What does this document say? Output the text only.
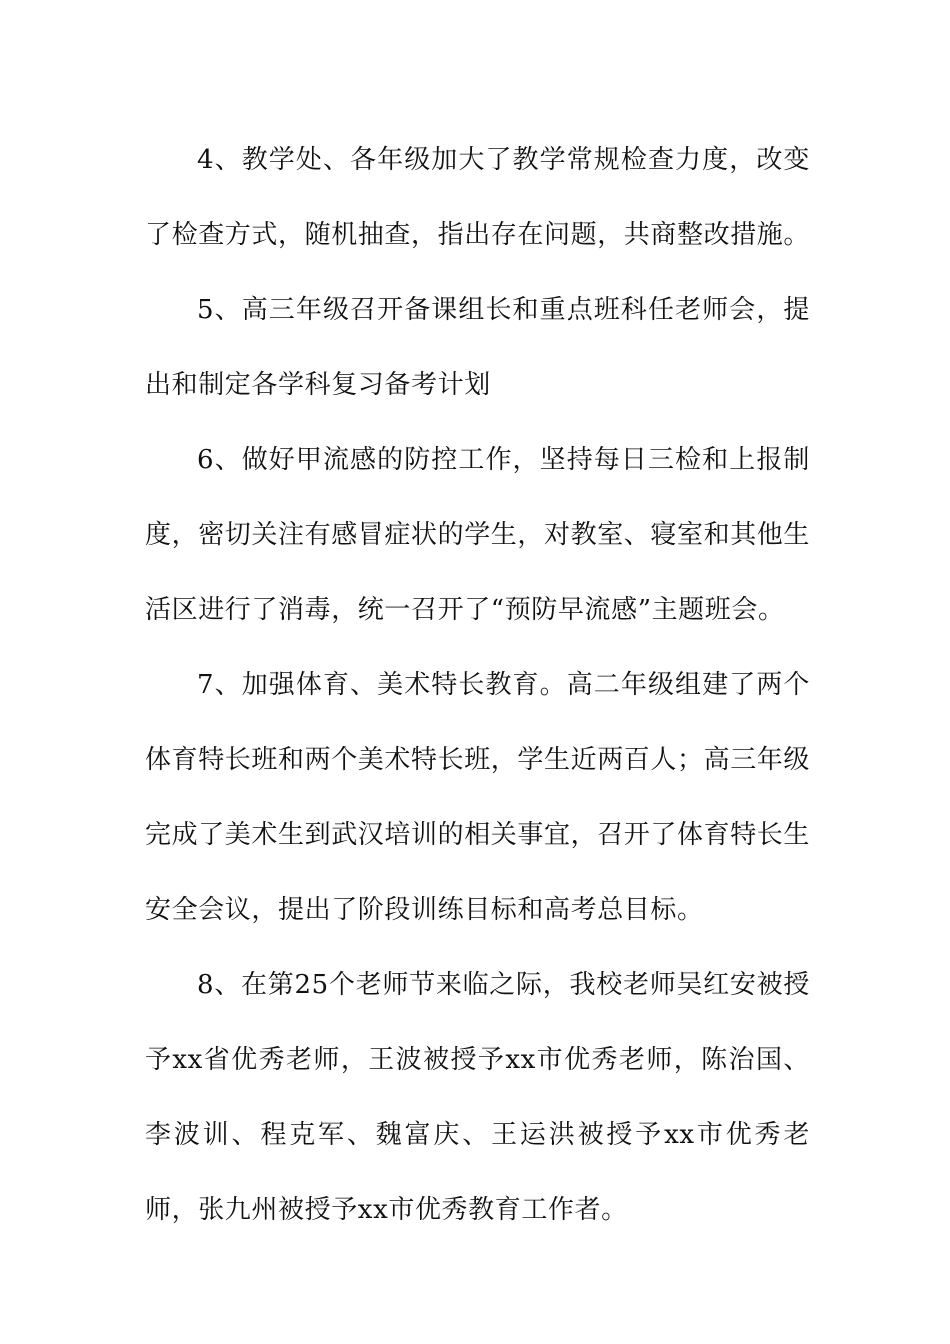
4、教学处、各年级加大了教学常规检查力度，改变了检查方式，随机抽查，指出存在问题，共商整改措施。

5、高三年级召开备课组长和重点班科任老师会，提出和制定各学科复习备考计划

6、做好甲流感的防控工作，坚持每日三检和上报制度，密切关注有感冒症状的学生，对教室、寝室和其他生活区进行了消毒，统一召开了“预防早流感”主题班会。

7、加强体育、美术特长教育。高二年级组建了两个体育特长班和两个美术特长班，学生近两百人；高三年级完成了美术生到武汉培训的相关事宜，召开了体育特长生安全会议，提出了阶段训练目标和高考总目标。

8、在第25个老师节来临之际，我校老师吴红安被授予xx省优秀老师，王波被授予xx市优秀老师，陈治国、李波训、程克军、魏富庆、王运洪被授予xx市优秀老师，张九州被授予xx市优秀教育工作者。
